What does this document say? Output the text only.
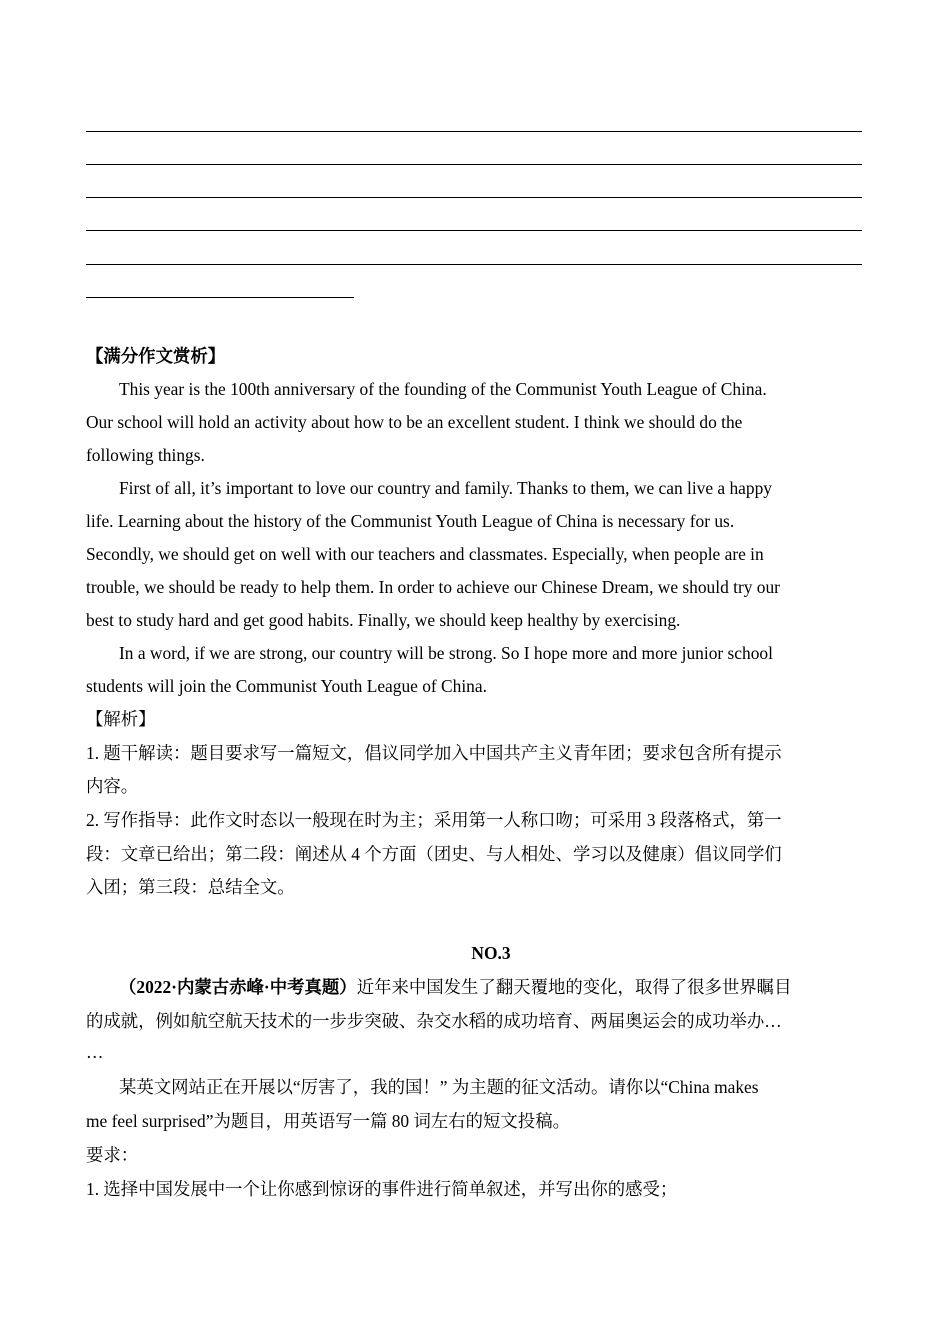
【满分作文赏析】
This year is the 100th anniversary of the founding of the Communist Youth League of China.
Our school will hold an activity about how to be an excellent student. I think we should do the
following things.
First of all, it’s important to love our country and family. Thanks to them, we can live a happy
life. Learning about the history of the Communist Youth League of China is necessary for us.
Secondly, we should get on well with our teachers and classmates. Especially, when people are in
trouble, we should be ready to help them. In order to achieve our Chinese Dream, we should try our
best to study hard and get good habits. Finally, we should keep healthy by exercising.
In a word, if we are strong, our country will be strong. So I hope more and more junior school
students will join the Communist Youth League of China.
【解析】
1. 题干解读：题目要求写一篇短文，倡议同学加入中国共产主义青年团；要求包含所有提示
内容。
2. 写作指导：此作文时态以一般现在时为主；采用第一人称口吻；可采用 3 段落格式，第一
段：文章已给出；第二段：阐述从 4 个方面（团史、与人相处、学习以及健康）倡议同学们
入团；第三段：总结全文。
NO.3
（2022·内蒙古赤峰·中考真题）近年来中国发生了翻天覆地的变化，取得了很多世界瞩目
的成就，例如航空航天技术的一步步突破、杂交水稻的成功培育、两届奥运会的成功举办…
…
某英文网站正在开展以“厉害了，我的国！” 为主题的征文活动。请你以“China makes
me feel surprised”为题目，用英语写一篇 80 词左右的短文投稿。
要求：
1. 选择中国发展中一个让你感到惊讶的事件进行简单叙述，并写出你的感受；
